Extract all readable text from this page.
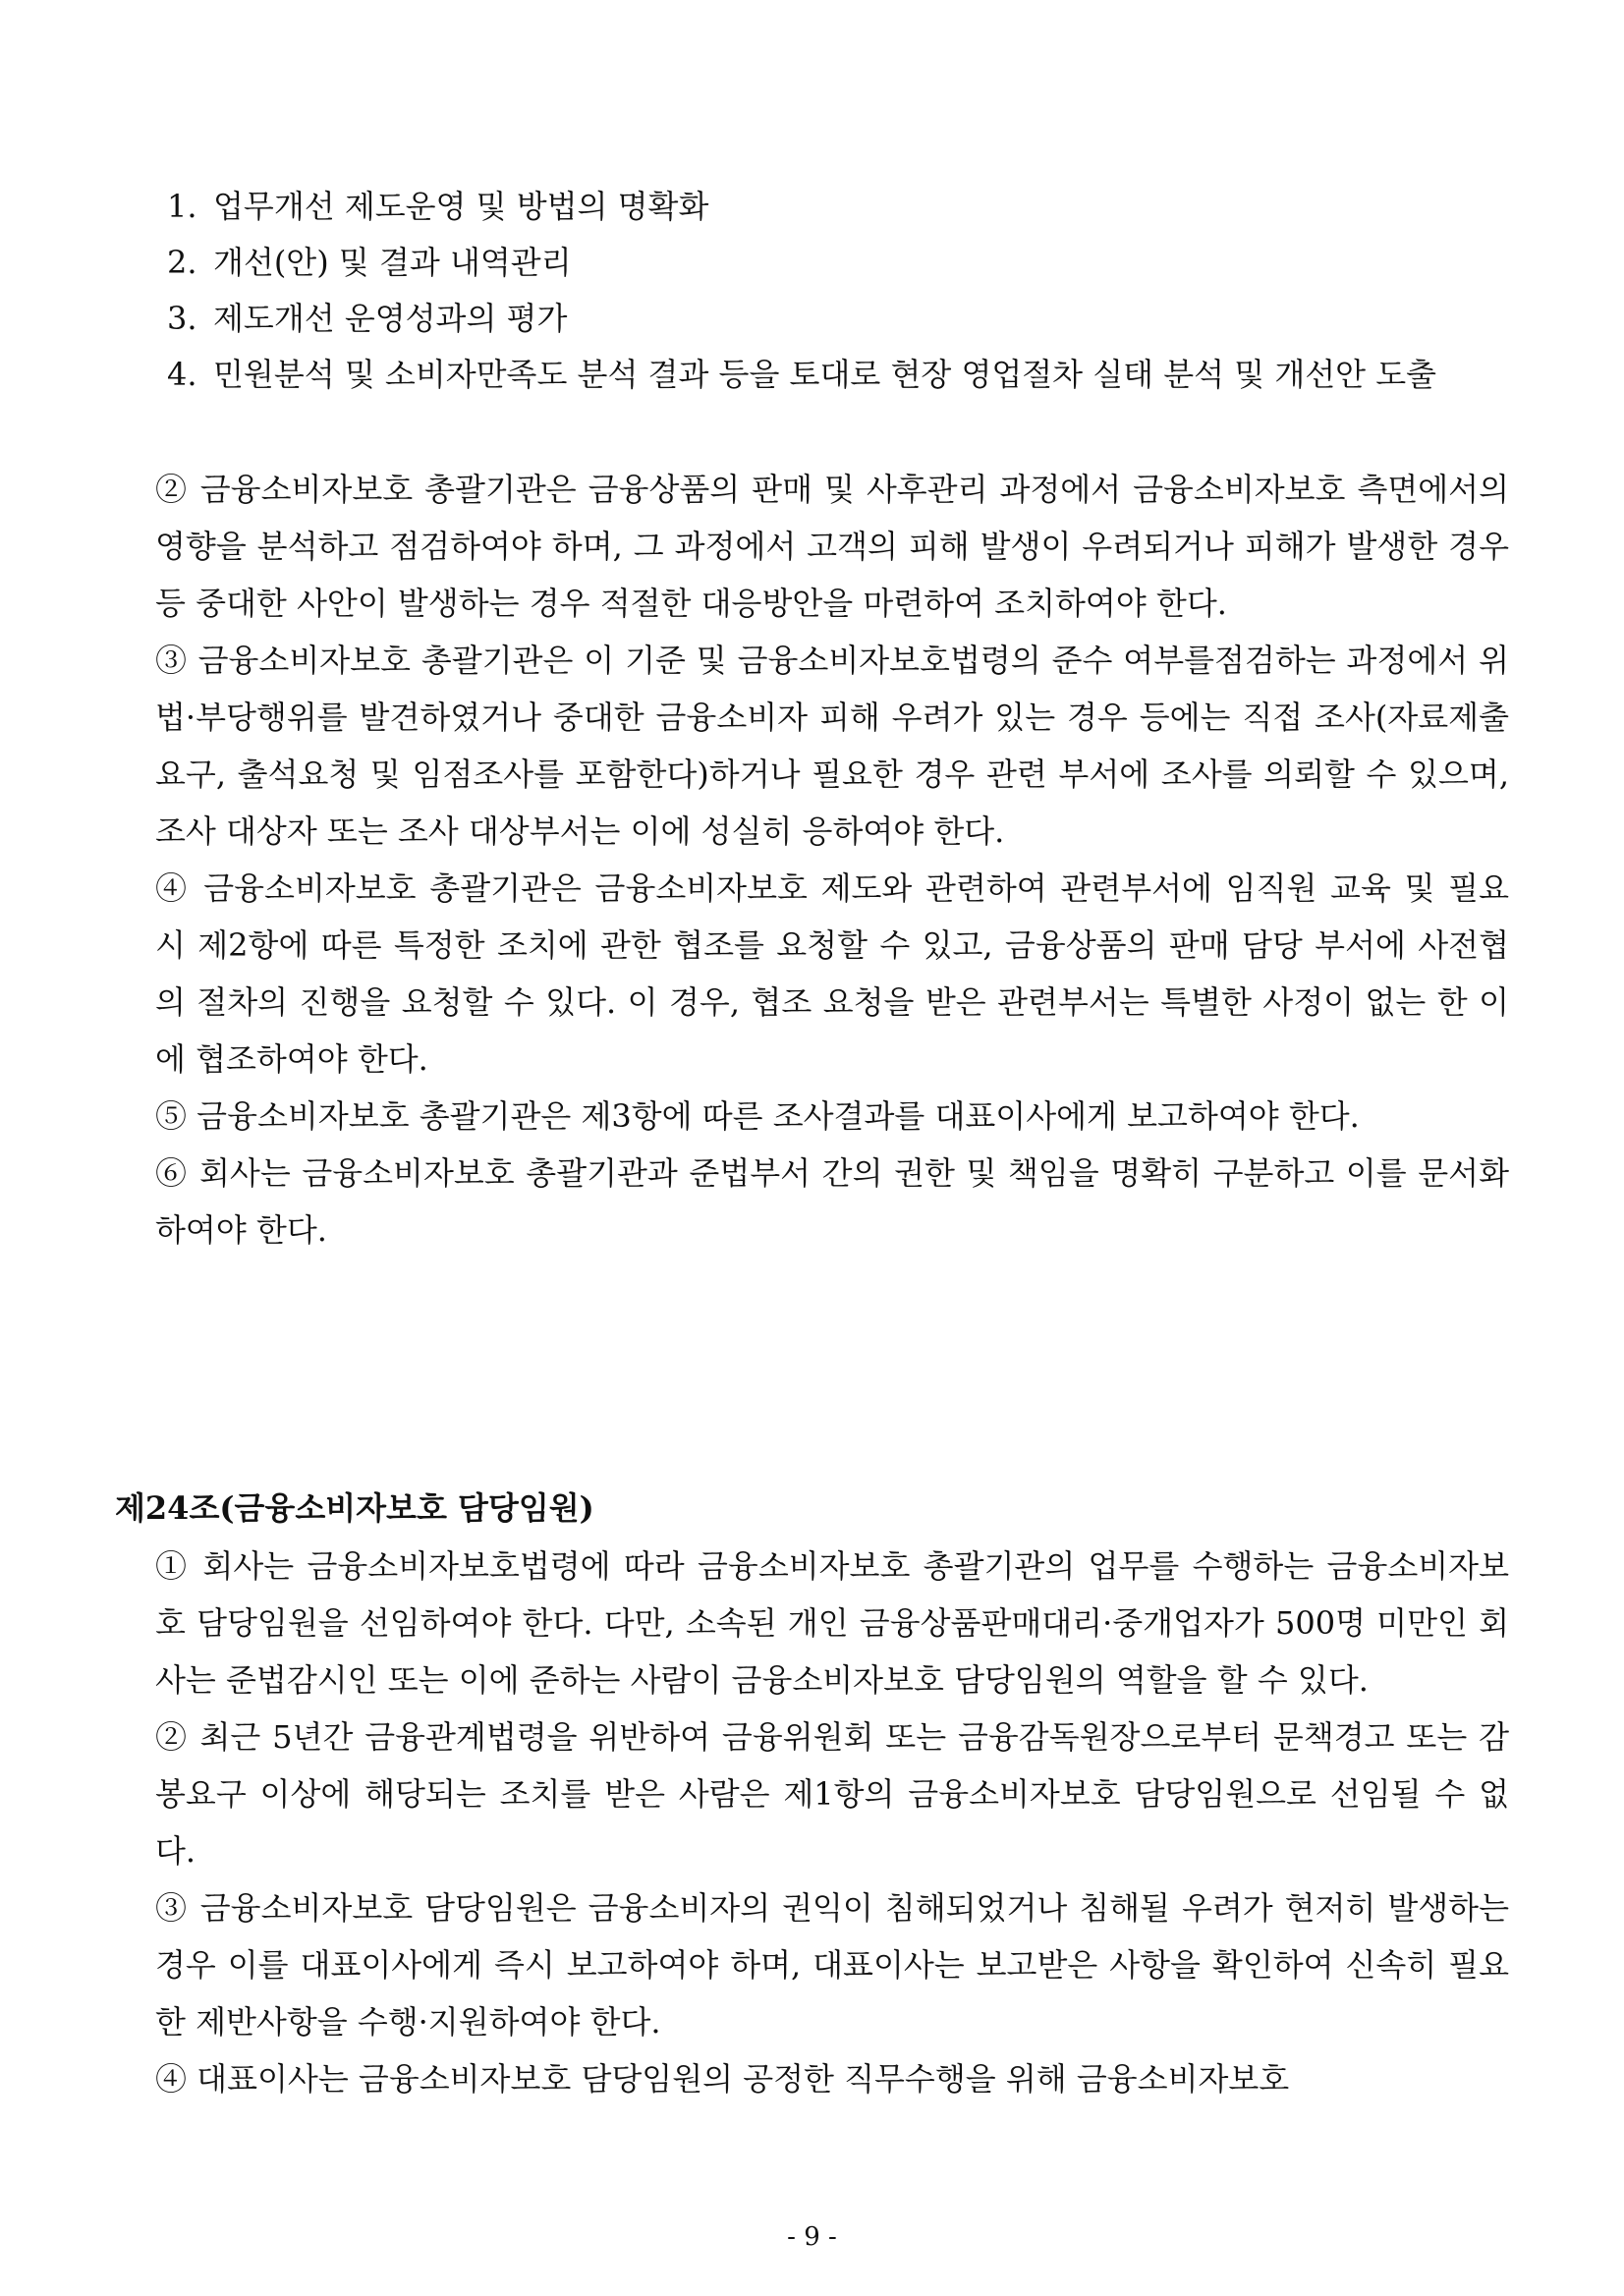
1. 업무개선 제도운영 및 방법의 명확화
2. 개선(안) 및 결과 내역관리
3. 제도개선 운영성과의 평가
4. 민원분석 및 소비자만족도 분석 결과 등을 토대로 현장 영업절차 실태 분석 및 개선안 도출

② 금융소비자보호 총괄기관은 금융상품의 판매 및 사후관리 과정에서 금융소비자보호 측면에서의 영향을 분석하고 점검하여야 하며, 그 과정에서 고객의 피해 발생이 우려되거나 피해가 발생한 경우 등 중대한 사안이 발생하는 경우 적절한 대응방안을 마련하여 조치하여야 한다.

③ 금융소비자보호 총괄기관은 이 기준 및 금융소비자보호법령의 준수 여부를점검하는 과정에서 위법·부당행위를 발견하였거나 중대한 금융소비자 피해 우려가 있는 경우 등에는 직접 조사(자료제출 요구, 출석요청 및 임점조사를 포함한다)하거나 필요한 경우 관련 부서에 조사를 의뢰할 수 있으며, 조사 대상자 또는 조사 대상부서는 이에 성실히 응하여야 한다.

④ 금융소비자보호 총괄기관은 금융소비자보호 제도와 관련하여 관련부서에 임직원 교육 및 필요 시 제2항에 따른 특정한 조치에 관한 협조를 요청할 수 있고, 금융상품의 판매 담당 부서에 사전협의 절차의 진행을 요청할 수 있다. 이 경우, 협조 요청을 받은 관련부서는 특별한 사정이 없는 한 이에 협조하여야 한다.

⑤ 금융소비자보호 총괄기관은 제3항에 따른 조사결과를 대표이사에게 보고하여야 한다.

⑥ 회사는 금융소비자보호 총괄기관과 준법부서 간의 권한 및 책임을 명확히 구분하고 이를 문서화하여야 한다.

제24조(금융소비자보호 담당임원)

① 회사는 금융소비자보호법령에 따라 금융소비자보호 총괄기관의 업무를 수행하는 금융소비자보호 담당임원을 선임하여야 한다. 다만, 소속된 개인 금융상품판매대리·중개업자가 500명 미만인 회사는 준법감시인 또는 이에 준하는 사람이 금융소비자보호 담당임원의 역할을 할 수 있다.

② 최근 5년간 금융관계법령을 위반하여 금융위원회 또는 금융감독원장으로부터 문책경고 또는 감봉요구 이상에 해당되는 조치를 받은 사람은 제1항의 금융소비자보호 담당임원으로 선임될 수 없다.

③ 금융소비자보호 담당임원은 금융소비자의 권익이 침해되었거나 침해될 우려가 현저히 발생하는 경우 이를 대표이사에게 즉시 보고하여야 하며, 대표이사는 보고받은 사항을 확인하여 신속히 필요한 제반사항을 수행·지원하여야 한다.

④ 대표이사는 금융소비자보호 담당임원의 공정한 직무수행을 위해 금융소비자보호

- 9 -
